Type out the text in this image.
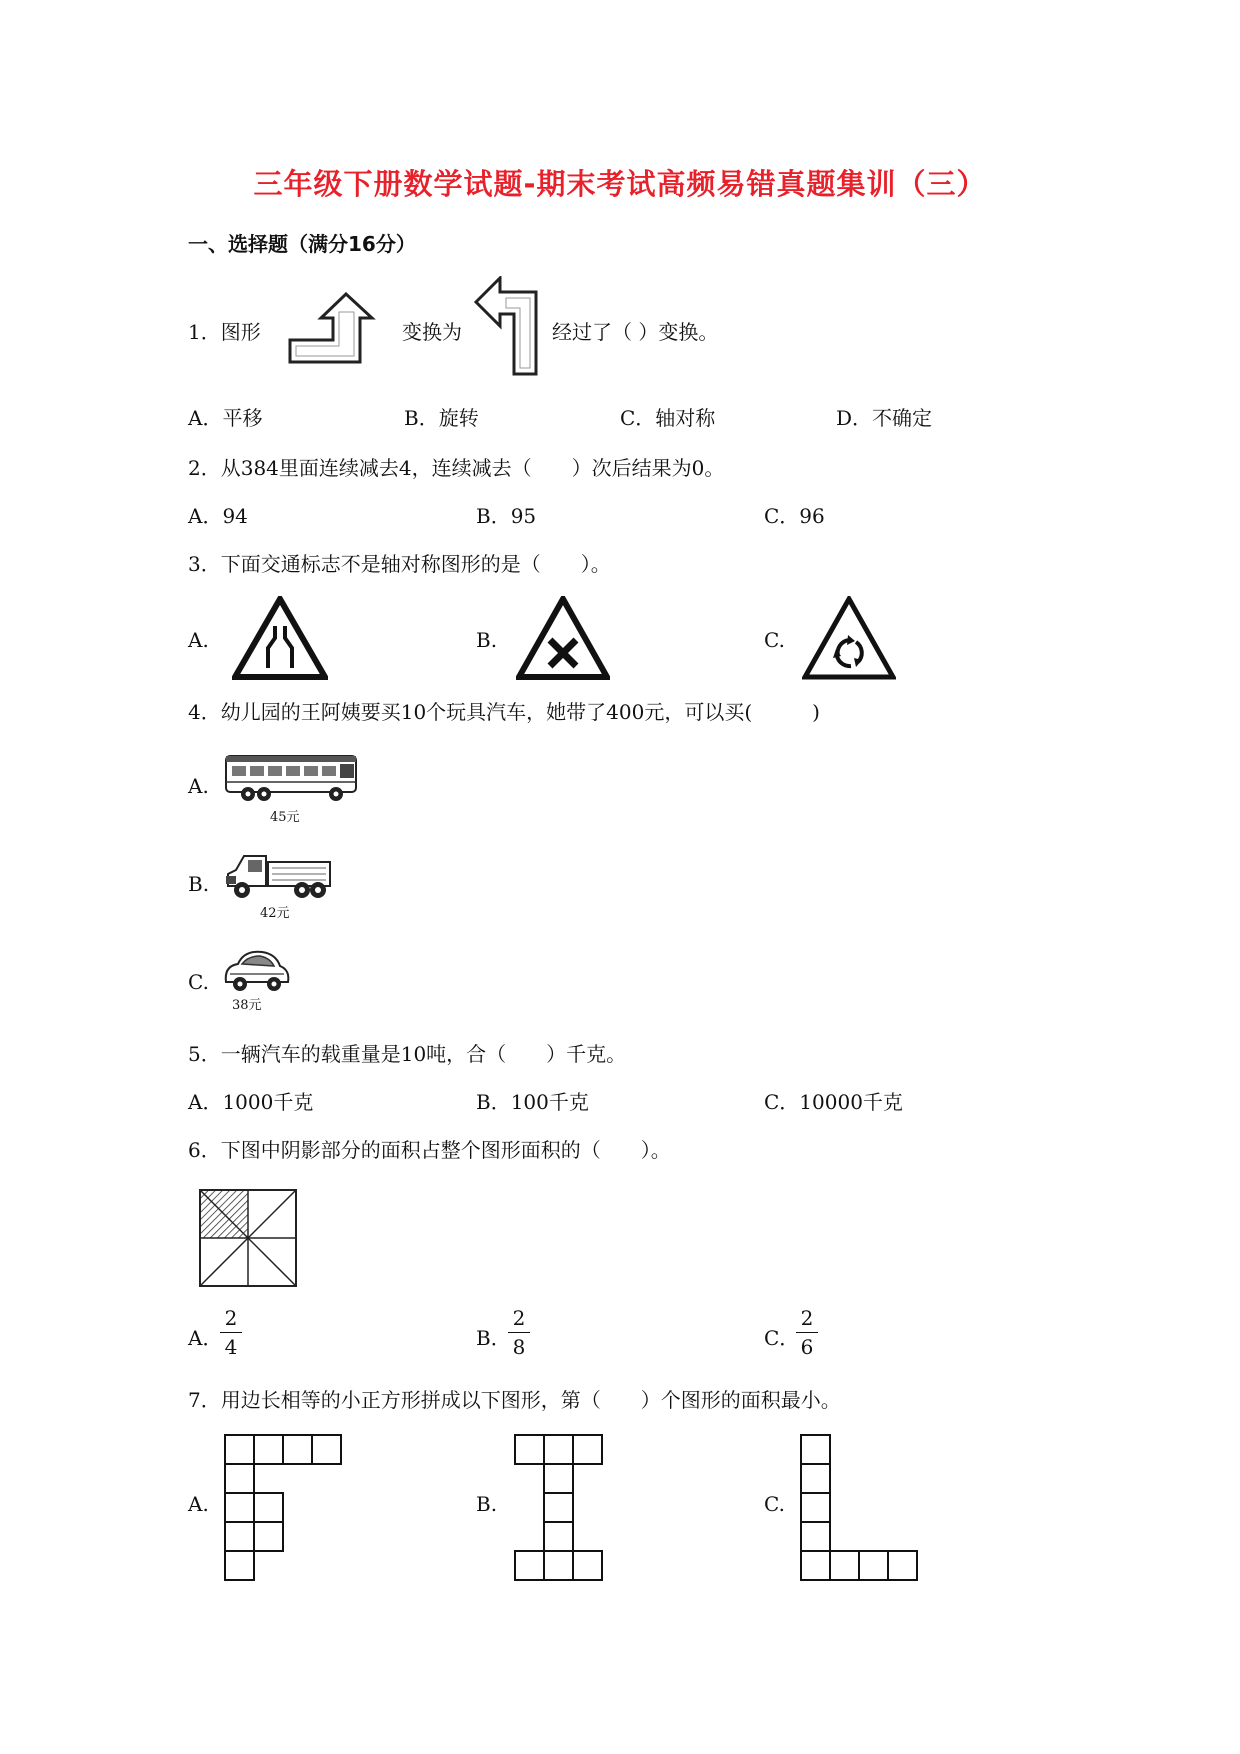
三年级下册数学试题-期末考试高频易错真题集训（三）
一、选择题（满分16分）
1．图形	变换为	经过了（ ）变换。
A．平移	B．旋转	C．轴对称	D．不确定
2．从384里面连续减去4，连续减去（　　）次后结果为0。
A．94	B．95	C．96
3．下面交通标志不是轴对称图形的是（　　）。
A.	B.	C.
4．幼儿园的王阿姨要买10个玩具汽车，她带了400元，可以买(　　　)
A.
45元
B.
42元
C.
38元
5．一辆汽车的载重量是10吨，合（　　）千克。
A．1000千克	B．100千克	C．10000千克
6．下图中阴影部分的面积占整个图形面积的（　　）。
A．
2
4	B．
2
8	C．
2
6
7．用边长相等的小正方形拼成以下图形，第（　　）个图形的面积最小。
A.	B.	C.
